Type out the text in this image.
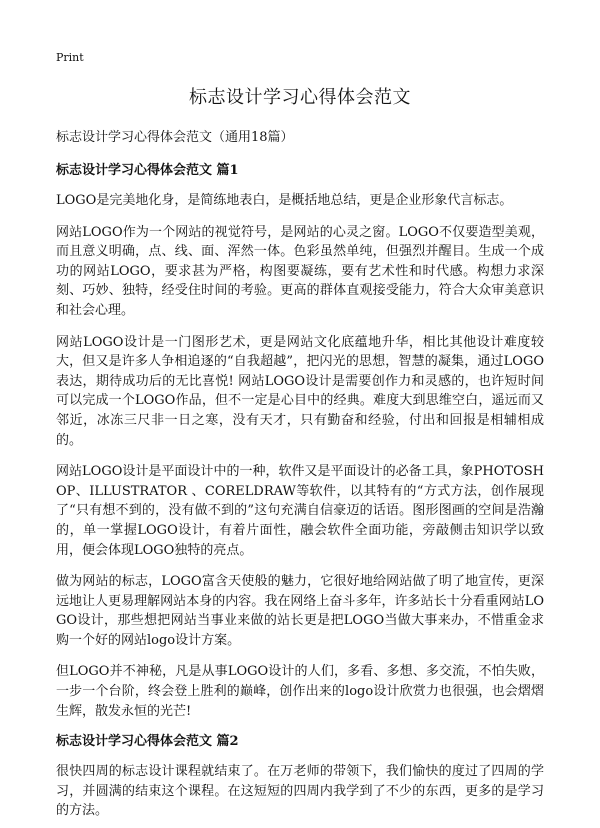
Print
标志设计学习心得体会范文
标志设计学习心得体会范文（通用18篇）
标志设计学习心得体会范文 篇1

LOGO是完美地化身，是简练地表白，是概括地总结，更是企业形象代言标志。

网站LOGO作为一个网站的视觉符号，是网站的心灵之窗。LOGO不仅要造型美观，而且意义明确，点、线、面、浑然一体。色彩虽然单纯，但强烈并醒目。生成一个成功的网站LOGO，要求甚为严格，构图要凝练，要有艺术性和时代感。构想力求深刻、巧妙、独特，经受住时间的考验。更高的群体直观接受能力，符合大众审美意识和社会心理。

网站LOGO设计是一门图形艺术，更是网站文化底蕴地升华，相比其他设计难度较大，但又是许多人争相追逐的“自我超越”，把闪光的思想，智慧的凝集，通过LOGO表达，期待成功后的无比喜悦! 网站LOGO设计是需要创作力和灵感的，也许短时间可以完成一个LOGO作品，但不一定是心目中的经典。难度大到思维空白，遥远而又邻近，冰冻三尺非一日之寒，没有天才，只有勤奋和经验，付出和回报是相辅相成的。

网站LOGO设计是平面设计中的一种，软件又是平面设计的必备工具，象PHOTOSHOP、ILLUSTRATOR 、CORELDRAW等软件，以其特有的“方式方法，创作展现了“只有想不到的，没有做不到的”这句充满自信豪迈的话语。图形图画的空间是浩瀚的，单一掌握LOGO设计，有着片面性，融会软件全面功能，旁敲侧击知识学以致用，便会体现LOGO独特的亮点。

做为网站的标志，LOGO富含天使般的魅力，它很好地给网站做了明了地宣传，更深远地让人更易理解网站本身的内容。我在网络上奋斗多年，许多站长十分看重网站LOGO设计，那些想把网站当事业来做的站长更是把LOGO当做大事来办，不惜重金求购一个好的网站logo设计方案。

但LOGO并不神秘，凡是从事LOGO设计的人们，多看、多想、多交流，不怕失败，一步一个台阶，终会登上胜利的巅峰，创作出来的logo设计欣赏力也很强，也会熠熠生辉，散发永恒的光芒!

标志设计学习心得体会范文 篇2

很快四周的标志设计课程就结束了。在万老师的带领下，我们愉快的度过了四周的学习，并圆满的结束这个课程。在这短短的四周内我学到了不少的东西，更多的是学习的方法。
